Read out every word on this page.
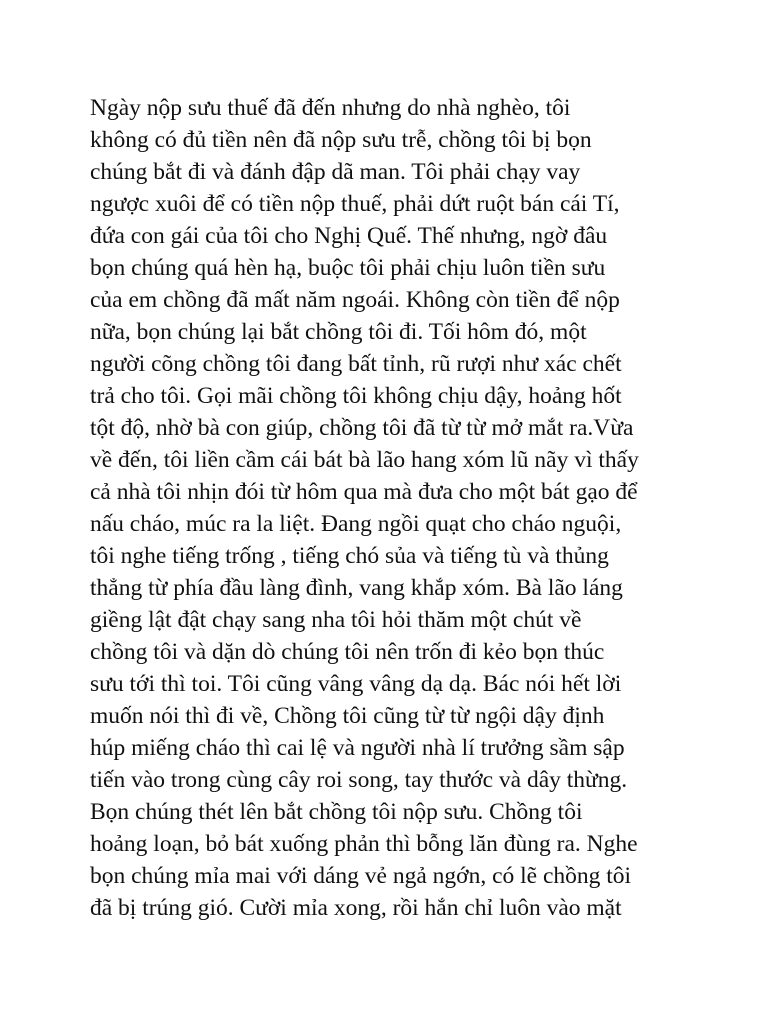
Ngày nộp sưu thuế đã đến nhưng do nhà nghèo, tôi
không có đủ tiền nên đã nộp sưu trễ, chồng tôi bị bọn
chúng bắt đi và đánh đập dã man. Tôi phải chạy vay
ngược xuôi để có tiền nộp thuế, phải dứt ruột bán cái Tí,
đứa con gái của tôi cho Nghị Quế. Thế nhưng, ngờ đâu
bọn chúng quá hèn hạ, buộc tôi phải chịu luôn tiền sưu
của em chồng đã mất năm ngoái. Không còn tiền để nộp
nữa, bọn chúng lại bắt chồng tôi đi. Tối hôm đó, một
người cõng chồng tôi đang bất tỉnh, rũ rượi như xác chết
trả cho tôi. Gọi mãi chồng tôi không chịu dậy, hoảng hốt
tột độ, nhờ bà con giúp, chồng tôi đã từ từ mở mắt ra.Vừa
về đến, tôi liền cầm cái bát bà lão hang xóm lũ nãy vì thấy
cả nhà tôi nhịn đói từ hôm qua mà đưa cho một bát gạo để
nấu cháo, múc ra la liệt. Đang ngồi quạt cho cháo nguội,
tôi nghe tiếng trống , tiếng chó sủa và tiếng tù và thủng
thẳng từ phía đầu làng đình, vang khắp xóm. Bà lão láng
giềng lật đật chạy sang nha tôi hỏi thăm một chút về
chồng tôi và dặn dò chúng tôi nên trốn đi kẻo bọn thúc
sưu tới thì toi. Tôi cũng vâng vâng dạ dạ. Bác nói hết lời
muốn nói thì đi về, Chồng tôi cũng từ từ ngội dậy định
húp miếng cháo thì cai lệ và người nhà lí trưởng sầm sập
tiến vào trong cùng cây roi song, tay thước và dây thừng.
Bọn chúng thét lên bắt chồng tôi nộp sưu. Chồng tôi
hoảng loạn, bỏ bát xuống phản thì bỗng lăn đùng ra. Nghe
bọn chúng mỉa mai với dáng vẻ ngả ngớn, có lẽ chồng tôi
đã bị trúng gió. Cười mỉa xong, rồi hắn chỉ luôn vào mặt
